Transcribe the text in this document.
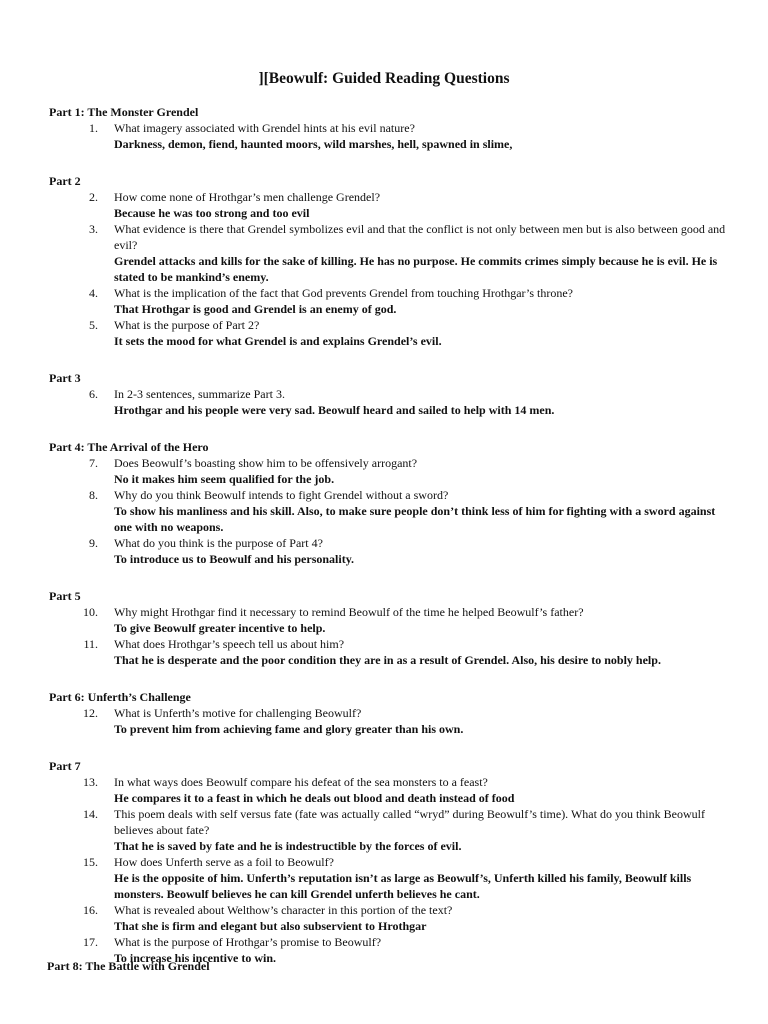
][Beowulf: Guided Reading Questions
Part 1: The Monster Grendel
1. What imagery associated with Grendel hints at his evil nature?
Darkness, demon, fiend, haunted moors, wild marshes, hell, spawned in slime,
Part 2
2. How come none of Hrothgar’s men challenge Grendel?
Because he was too strong and too evil
3. What evidence is there that Grendel symbolizes evil and that the conflict is not only between men but is also between good and evil?
Grendel attacks and kills for the sake of killing. He has no purpose. He commits crimes simply because he is evil. He is stated to be mankind’s enemy.
4. What is the implication of the fact that God prevents Grendel from touching Hrothgar’s throne?
That Hrothgar is good and Grendel is an enemy of god.
5. What is the purpose of Part 2?
It sets the mood for what Grendel is and explains Grendel’s evil.
Part 3
6. In 2-3 sentences, summarize Part 3.
Hrothgar and his people were very sad. Beowulf heard and sailed to help with 14 men.
Part 4: The Arrival of the Hero
7. Does Beowulf’s boasting show him to be offensively arrogant?
No it makes him seem qualified for the job.
8. Why do you think Beowulf intends to fight Grendel without a sword?
To show his manliness and his skill. Also, to make sure people don’t think less of him for fighting with a sword against one with no weapons.
9. What do you think is the purpose of Part 4?
To introduce us to Beowulf and his personality.
Part 5
10. Why might Hrothgar find it necessary to remind Beowulf of the time he helped Beowulf’s father?
To give Beowulf greater incentive to help.
11. What does Hrothgar’s speech tell us about him?
That he is desperate and the poor condition they are in as a result of Grendel. Also, his desire to nobly help.
Part 6: Unferth’s Challenge
12. What is Unferth’s motive for challenging Beowulf?
To prevent him from achieving fame and glory greater than his own.
Part 7
13. In what ways does Beowulf compare his defeat of the sea monsters to a feast?
He compares it to a feast in which he deals out blood and death instead of food
14. This poem deals with self versus fate (fate was actually called “wryd” during Beowulf’s time). What do you think Beowulf believes about fate?
That he is saved by fate and he is indestructible by the forces of evil.
15. How does Unferth serve as a foil to Beowulf?
He is the opposite of him. Unferth’s reputation isn’t as large as Beowulf’s, Unferth killed his family, Beowulf kills monsters. Beowulf believes he can kill Grendel unferth believes he cant.
16. What is revealed about Welthow’s character in this portion of the text?
That she is firm and elegant but also subservient to Hrothgar
17. What is the purpose of Hrothgar’s promise to Beowulf?
To increase his incentive to win.
Part 8: The Battle with Grendel
